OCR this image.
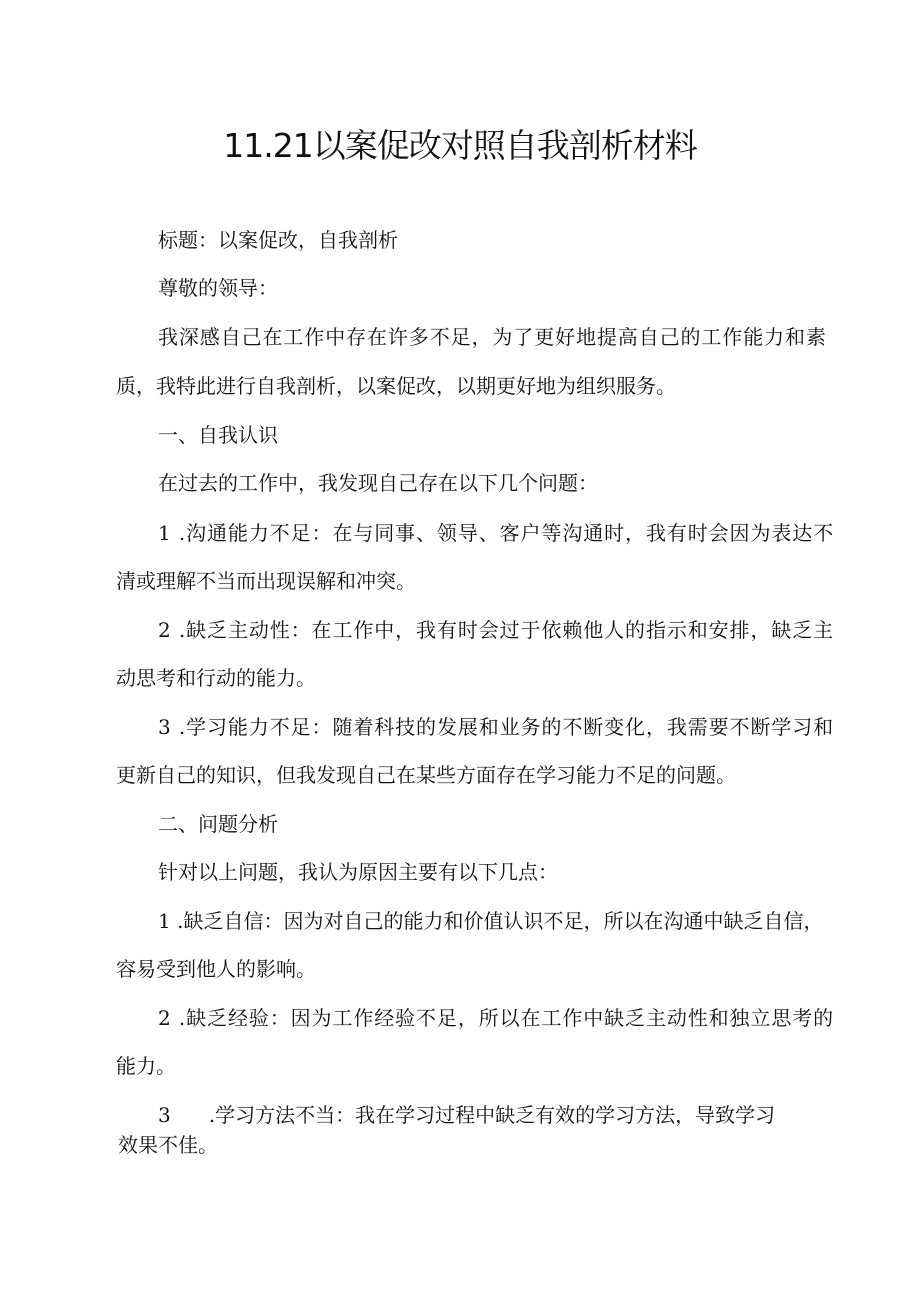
11.21以案促改对照自我剖析材料
标题：以案促改，自我剖析
尊敬的领导：
我深感自己在工作中存在许多不足，为了更好地提高自己的工作能力和素
质，我特此进行自我剖析，以案促改，以期更好地为组织服务。
一、自我认识
在过去的工作中，我发现自己存在以下几个问题：
1 .沟通能力不足：在与同事、领导、客户等沟通时，我有时会因为表达不
清或理解不当而出现误解和冲突。
2 .缺乏主动性：在工作中，我有时会过于依赖他人的指示和安排，缺乏主
动思考和行动的能力。
3 .学习能力不足：随着科技的发展和业务的不断变化，我需要不断学习和
更新自己的知识，但我发现自己在某些方面存在学习能力不足的问题。
二、问题分析
针对以上问题，我认为原因主要有以下几点：
1 .缺乏自信：因为对自己的能力和价值认识不足，所以在沟通中缺乏自信，
容易受到他人的影响。
2 .缺乏经验：因为工作经验不足，所以在工作中缺乏主动性和独立思考的
能力。
3 .学习方法不当：我在学习过程中缺乏有效的学习方法，导致学习
效果不佳。
